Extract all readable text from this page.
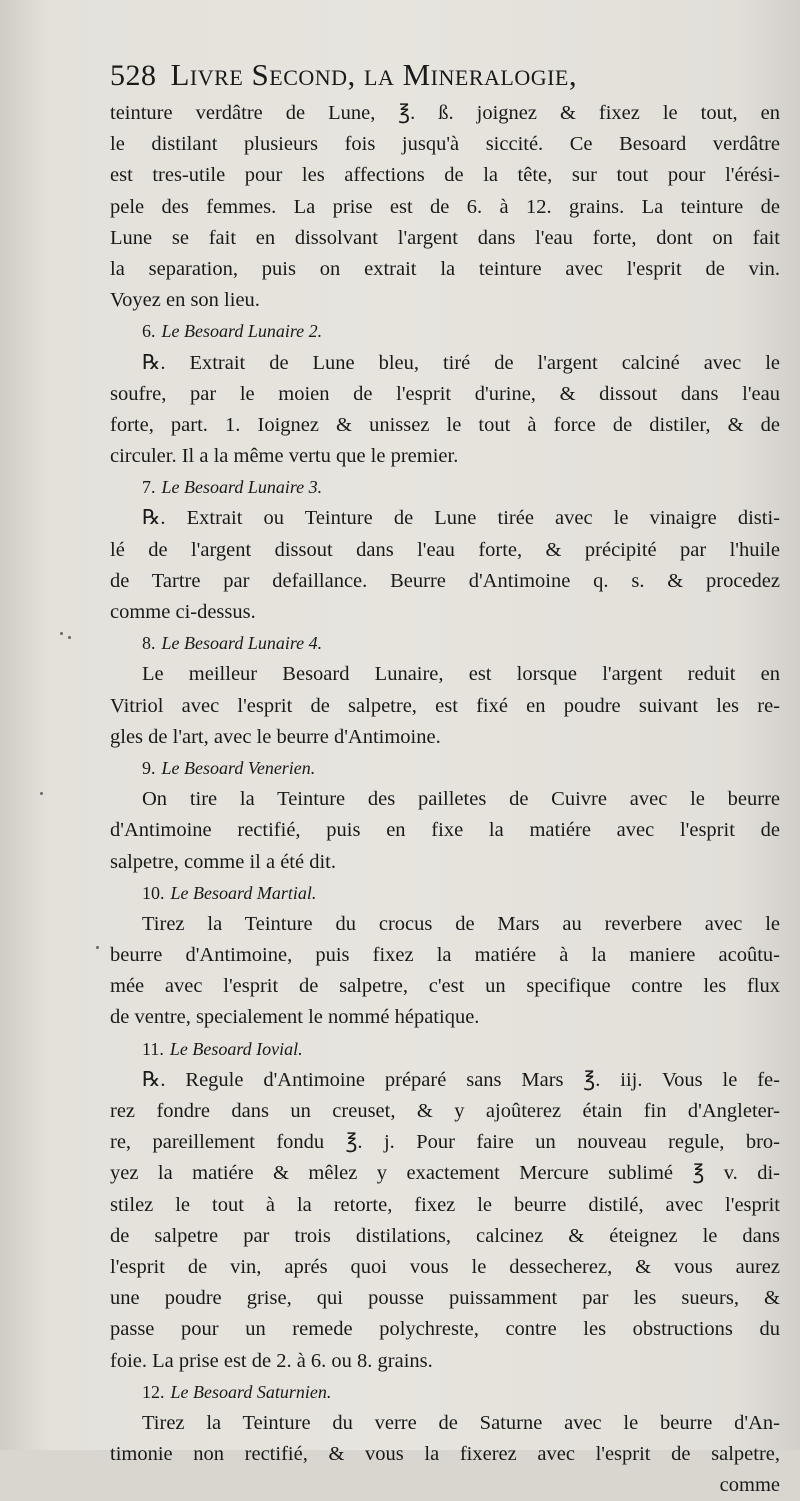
528 Livre Second, la Mineralogie,
teinture verdâtre de Lune, ℥. ß. joignez & fixez le tout, en
le distilant plusieurs fois jusqu'à siccité. Ce Besoard verdâtre
est tres-utile pour les affections de la tête, sur tout pour l'érési-
pele des femmes. La prise est de 6. à 12. grains. La teinture de
Lune se fait en dissolvant l'argent dans l'eau forte, dont on fait
la separation, puis on extrait la teinture avec l'esprit de vin.
Voyez en son lieu.
6. Le Besoard Lunaire 2.
℞. Extrait de Lune bleu, tiré de l'argent calciné avec le
soufre, par le moien de l'esprit d'urine, & dissout dans l'eau
forte, part. 1. Ioignez & unissez le tout à force de distiler, & de
circuler. Il a la même vertu que le premier.
7. Le Besoard Lunaire 3.
℞. Extrait ou Teinture de Lune tirée avec le vinaigre disti-
lé de l'argent dissout dans l'eau forte, & précipité par l'huile
de Tartre par defaillance. Beurre d'Antimoine q. s. & procedez
comme ci-dessus.
8. Le Besoard Lunaire 4.
Le meilleur Besoard Lunaire, est lorsque l'argent reduit en
Vitriol avec l'esprit de salpetre, est fixé en poudre suivant les re-
gles de l'art, avec le beurre d'Antimoine.
9. Le Besoard Venerien.
On tire la Teinture des pailletes de Cuivre avec le beurre
d'Antimoine rectifié, puis en fixe la matiére avec l'esprit de
salpetre, comme il a été dit.
10. Le Besoard Martial.
Tirez la Teinture du crocus de Mars au reverbere avec le
beurre d'Antimoine, puis fixez la matiére à la maniere acoûtu-
mée avec l'esprit de salpetre, c'est un specifique contre les flux
de ventre, specialement le nommé hépatique.
11. Le Besoard Iovial.
℞. Regule d'Antimoine préparé sans Mars ℥. iij. Vous le fe-
rez fondre dans un creuset, & y ajoûterez étain fin d'Angleter-
re, pareillement fondu ℥. j. Pour faire un nouveau regule, bro-
yez la matiére & mêlez y exactement Mercure sublimé ℥ v. di-
stilez le tout à la retorte, fixez le beurre distilé, avec l'esprit
de salpetre par trois distilations, calcinez & éteignez le dans
l'esprit de vin, aprés quoi vous le dessecherez, & vous aurez
une poudre grise, qui pousse puissamment par les sueurs, &
passe pour un remede polychreste, contre les obstructions du
foie. La prise est de 2. à 6. ou 8. grains.
12. Le Besoard Saturnien.
Tirez la Teinture du verre de Saturne avec le beurre d'An-
timonie non rectifié, & vous la fixerez avec l'esprit de salpetre,
comme
